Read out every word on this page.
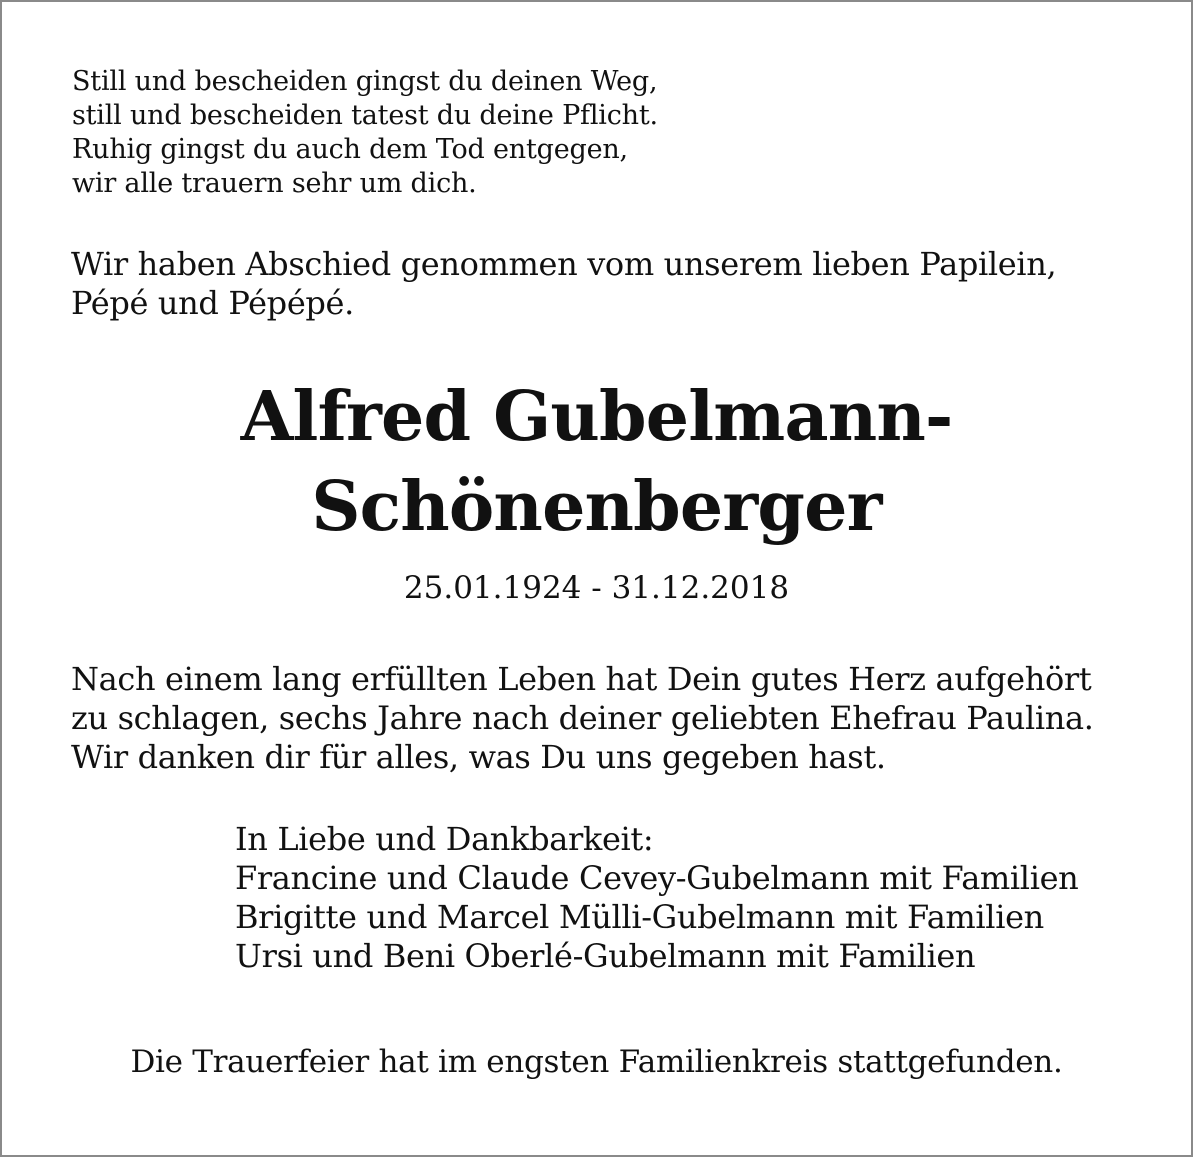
Still und bescheiden gingst du deinen Weg,

still und bescheiden tatest du deine Pflicht.

Ruhig gingst du auch dem Tod entgegen,

wir alle trauern sehr um dich.

Wir haben Abschied genommen vom unserem lieben Papilein,

Pépé und Pépépé.

Alfred Gubelmann-

Schönenberger

25.01.1924 - 31.12.2018

Nach einem lang erfüllten Leben hat Dein gutes Herz aufgehört

zu schlagen, sechs Jahre nach deiner geliebten Ehefrau Paulina.

Wir danken dir für alles, was Du uns gegeben hast.

In Liebe und Dankbarkeit:

Francine und Claude Cevey-Gubelmann mit Familien

Brigitte und Marcel Mülli-Gubelmann mit Familien

Ursi und Beni Oberlé-Gubelmann mit Familien

Die Trauerfeier hat im engsten Familienkreis stattgefunden.
